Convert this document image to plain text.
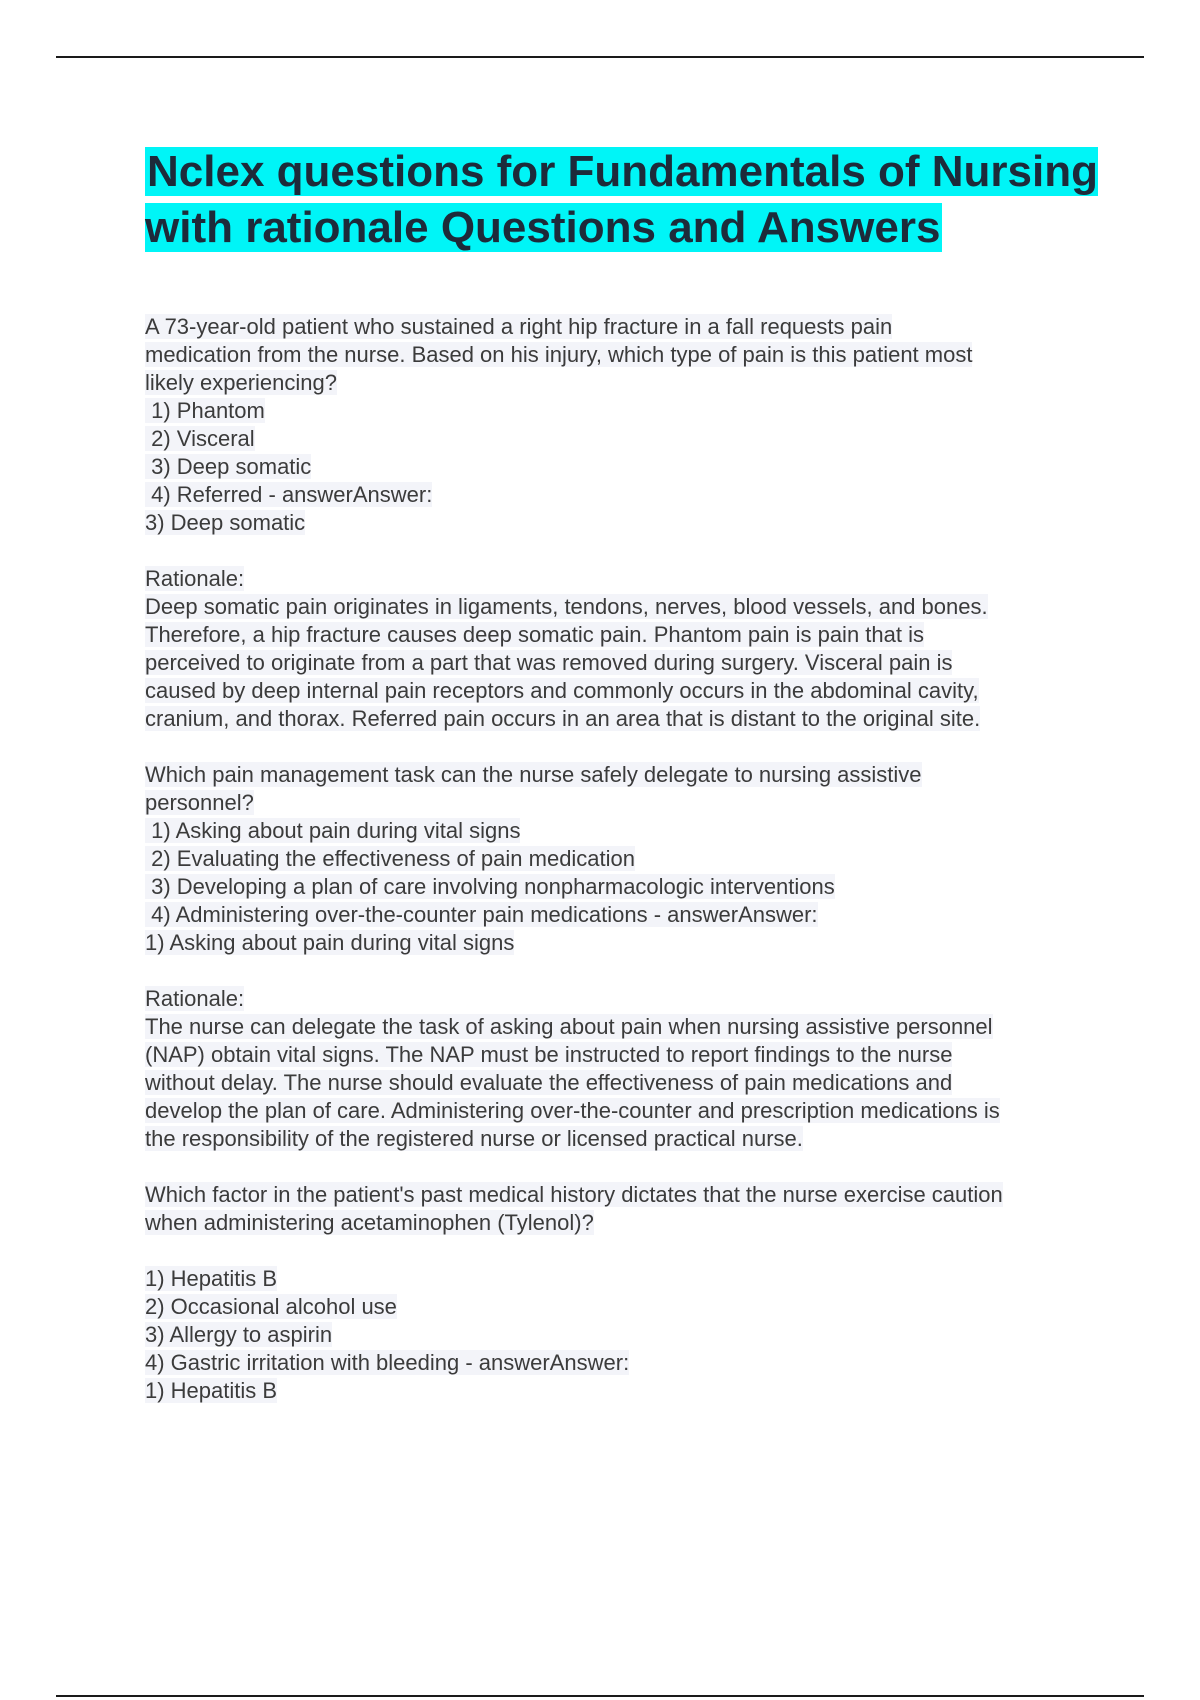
Nclex questions for Fundamentals of Nursing with rationale Questions and Answers

A 73-year-old patient who sustained a right hip fracture in a fall requests pain
medication from the nurse. Based on his injury, which type of pain is this patient most
likely experiencing?
1) Phantom
2) Visceral
3) Deep somatic
4) Referred - answerAnswer:
3) Deep somatic

Rationale:
Deep somatic pain originates in ligaments, tendons, nerves, blood vessels, and bones.
Therefore, a hip fracture causes deep somatic pain. Phantom pain is pain that is
perceived to originate from a part that was removed during surgery. Visceral pain is
caused by deep internal pain receptors and commonly occurs in the abdominal cavity,
cranium, and thorax. Referred pain occurs in an area that is distant to the original site.

Which pain management task can the nurse safely delegate to nursing assistive
personnel?
1) Asking about pain during vital signs
2) Evaluating the effectiveness of pain medication
3) Developing a plan of care involving nonpharmacologic interventions
4) Administering over-the-counter pain medications - answerAnswer:
1) Asking about pain during vital signs

Rationale:
The nurse can delegate the task of asking about pain when nursing assistive personnel
(NAP) obtain vital signs. The NAP must be instructed to report findings to the nurse
without delay. The nurse should evaluate the effectiveness of pain medications and
develop the plan of care. Administering over-the-counter and prescription medications is
the responsibility of the registered nurse or licensed practical nurse.

Which factor in the patient's past medical history dictates that the nurse exercise caution
when administering acetaminophen (Tylenol)?

1) Hepatitis B
2) Occasional alcohol use
3) Allergy to aspirin
4) Gastric irritation with bleeding - answerAnswer:
1) Hepatitis B
